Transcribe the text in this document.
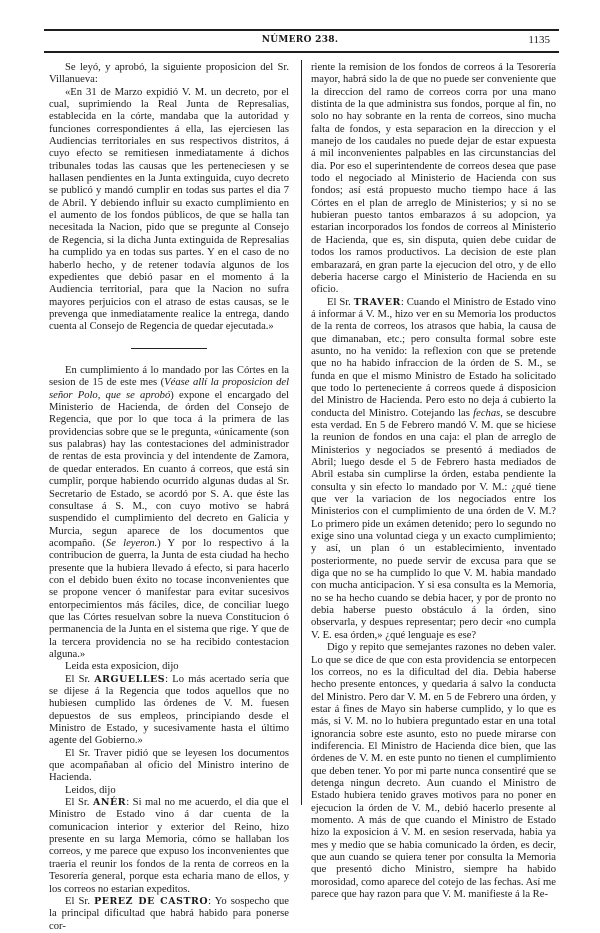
NÚMERO 238.	1135

Se leyó, y aprobó, la siguiente proposicion del Sr. Villanueva:

«En 31 de Marzo expidió V. M. un decreto, por el cual, suprimiendo la Real Junta de Represalias, establecida en la córte, mandaba que la autoridad y funciones correspondientes á ella, las ejerciesen las Audiencias territoriales en sus respectivos distritos, á cuyo efecto se remitiesen inmediatamente á dichos tribunales todas las causas que les perteneciesen y se hallasen pendientes en la Junta extinguida, cuyo decreto se publicó y mandó cumplir en todas sus partes el dia 7 de Abril. Y debiendo influir su exacto cumplimiento en el aumento de los fondos públicos, de que se halla tan necesitada la Nacion, pido que se pregunte al Consejo de Regencia, si la dicha Junta extinguida de Represalias ha cumplido ya en todas sus partes. Y en el caso de no haberlo hecho, y de retener todavía algunos de los expedientes que debió pasar en el momento á la Audiencia territorial, para que la Nacion no sufra mayores perjuicios con el atraso de estas causas, se le prevenga que inmediatamente realice la entrega, dando cuenta al Consejo de Regencia de quedar ejecutada.»

En cumplimiento á lo mandado por las Córtes en la sesion de 15 de este mes (Véase allí la proposicion del señor Polo, que se aprobó) expone el encargado del Ministerio de Hacienda, de órden del Consejo de Regencia, que por lo que toca á la primera de las providencias sobre que se le pregunta, «únicamente (son sus palabras) hay las contestaciones del administrador de rentas de esta provincia y del intendente de Zamora, de quedar enterados. En cuanto á correos, que está sin cumplir, porque habiendo ocurrido algunas dudas al Sr. Secretario de Estado, se acordó por S. A. que éste las consultase á S. M., con cuyo motivo se habrá suspendido el cumplimiento del decreto en Galicia y Murcia, segun aparece de los documentos que acompaño. (Se leyeron.) Y por lo respectivo á la contribucion de guerra, la Junta de esta ciudad ha hecho presente que la hubiera llevado á efecto, si para hacerlo con el debido buen éxito no tocase inconvenientes que se propone vencer ó manifestar para evitar sucesivos entorpecimientos más fáciles, dice, de conciliar luego que las Córtes resuelvan sobre la nueva Constitucion ó permanencia de la Junta en el sistema que rige. Y que de la tercera providencia no se ha recibido contestacion alguna.»

Leida esta exposicion, dijo

El Sr. ARGUELLES: Lo más acertado sería que se dijese á la Regencia que todos aquellos que no hubiesen cumplido las órdenes de V. M. fuesen depuestos de sus empleos, principiando desde el Ministro de Estado, y sucesivamente hasta el último agente del Gobierno.»

El Sr. Traver pidió que se leyesen los documentos que acompañaban al oficio del Ministro interino de Hacienda.

Leidos, dijo

El Sr. ANÉR: Si mal no me acuerdo, el dia que el Ministro de Estado vino á dar cuenta de la comunicacion interior y exterior del Reino, hizo presente en su larga Memoria, cómo se hallaban los correos, y me parece que expuso los inconvenientes que traeria el reunir los fondos de la renta de correos en la Tesorería general, porque esta echaria mano de ellos, y los correos no estarian expeditos.

El Sr. PEREZ DE CASTRO: Yo sospecho que la principal dificultad que habrá habido para ponerse cor-

riente la remision de los fondos de correos á la Tesorería mayor, habrá sido la de que no puede ser conveniente que la direccion del ramo de correos corra por una mano distinta de la que administra sus fondos, porque al fin, no solo no hay sobrante en la renta de correos, sino mucha falta de fondos, y esta separacion en la direccion y el manejo de los caudales no puede dejar de estar expuesta á mil inconvenientes palpables en las circunstancias del dia. Por eso el superintendente de correos desea que pase todo el negociado al Ministerio de Hacienda con sus fondos; así está propuesto mucho tiempo hace á las Córtes en el plan de arreglo de Ministerios; y si no se hubieran puesto tantos embarazos á su adopcion, ya estarian incorporados los fondos de correos al Ministerio de Hacienda, que es, sin disputa, quien debe cuidar de todos los ramos productivos. La decision de este plan embarazará, en gran parte la ejecucion del otro, y de ello deberia hacerse cargo el Ministerio de Hacienda en su oficio.

El Sr. TRAVER: Cuando el Ministro de Estado vino á informar á V. M., hizo ver en su Memoria los productos de la renta de correos, los atrasos que habia, la causa de que dimanaban, etc.; pero consulta formal sobre este asunto, no ha venido: la reflexion con que se pretende que no ha habido infraccion de la órden de S. M., se funda en que el mismo Ministro de Estado ha solicitado que todo lo perteneciente á correos quede á disposicion del Ministro de Hacienda. Pero esto no deja á cubierto la conducta del Ministro. Cotejando las fechas, se descubre esta verdad. En 5 de Febrero mandó V. M. que se hiciese la reunion de fondos en una caja: el plan de arreglo de Ministerios y negociados se presentó á mediados de Abril; luego desde el 5 de Febrero hasta mediados de Abril estaba sin cumplirse la órden, estaba pendiente la consulta y sin efecto lo mandado por V. M.: ¿qué tiene que ver la variacion de los negociados entre los Ministerios con el cumplimiento de una órden de V. M.? Lo primero pide un exámen detenido; pero lo segundo no exige sino una voluntad ciega y un exacto cumplimiento; y así, un plan ó un establecimiento, inventado posteriormente, no puede servir de excusa para que se diga que no se ha cumplido lo que V. M. habia mandado con mucha anticipacion. Y si esa consulta es la Memoria, no se ha hecho cuando se debia hacer, y por de pronto no debia haberse puesto obstáculo á la órden, sino observarla, y despues representar; pero decir «no cumpla V. E. esa órden,» ¿qué lenguaje es ese?

Digo y repito que semejantes razones no deben valer. Lo que se dice de que con esta providencia se entorpecen los correos, no es la dificultad del dia. Debia haberse hecho presente entonces, y quedaria á salvo la conducta del Ministro. Pero dar V. M. en 5 de Febrero una órden, y estar á fines de Mayo sin haberse cumplido, y lo que es más, si V. M. no lo hubiera preguntado estar en una total ignorancia sobre este asunto, esto no puede mirarse con indiferencia. El Ministro de Hacienda dice bien, que las órdenes de V. M. en este punto no tienen el cumplimiento que deben tener. Yo por mi parte nunca consentiré que se detenga ningun decreto. Aun cuando el Ministro de Estado hubiera tenido graves motivos para no poner en ejecucion la órden de V. M., debió hacerlo presente al momento. A más de que cuando el Ministro de Estado hizo la exposicion á V. M. en sesion reservada, habia ya mes y medio que se habia comunicado la órden, es decir, que aun cuando se quiera tener por consulta la Memoria que presentó dicho Ministro, siempre ha habido morosidad, como aparece del cotejo de las fechas. Así me parece que hay razon para que V. M. manifieste á la Re-
